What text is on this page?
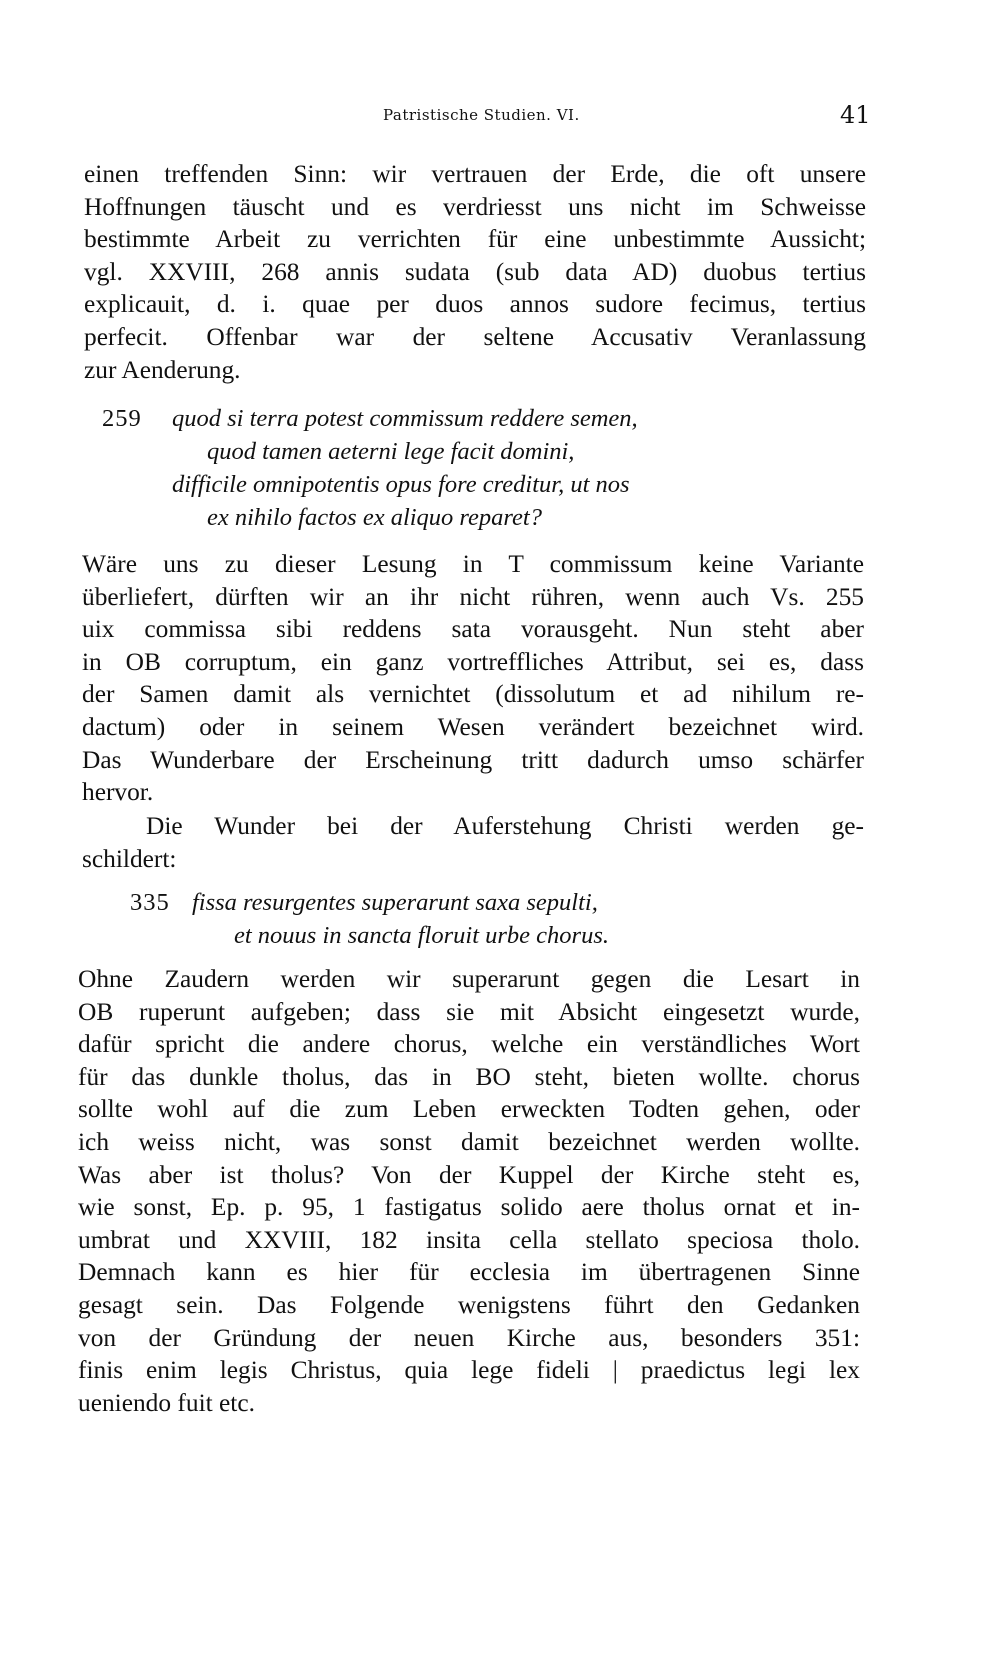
Patristische Studien. VI.	41
einen treffenden Sinn: wir vertrauen der Erde, die oft unsere
Hoffnungen täuscht und es verdriesst uns nicht im Schweisse
bestimmte Arbeit zu verrichten für eine unbestimmte Aussicht;
vgl. XXVIII, 268 annis sudata (sub data AD) duobus tertius
explicauit, d. i. quae per duos annos sudore fecimus, tertius
perfecit. Offenbar war der seltene Accusativ Veranlassung
zur Aenderung.
259 quod si terra potest commissum reddere semen,
quod tamen aeterni lege facit domini,
difficile omnipotentis opus fore creditur, ut nos
ex nihilo factos ex aliquo reparet?
Wäre uns zu dieser Lesung in T commissum keine Variante
überliefert, dürften wir an ihr nicht rühren, wenn auch Vs. 255
uix commissa sibi reddens sata vorausgeht. Nun steht aber
in OB corruptum, ein ganz vortreffliches Attribut, sei es, dass
der Samen damit als vernichtet (dissolutum et ad nihilum re-
dactum) oder in seinem Wesen verändert bezeichnet wird.
Das Wunderbare der Erscheinung tritt dadurch umso schärfer
hervor.
Die Wunder bei der Auferstehung Christi werden ge-
schildert:
335 fissa resurgentes superarunt saxa sepulti,
et nouus in sancta floruit urbe chorus.
Ohne Zaudern werden wir superarunt gegen die Lesart in
OB ruperunt aufgeben; dass sie mit Absicht eingesetzt wurde,
dafür spricht die andere chorus, welche ein verständliches Wort
für das dunkle tholus, das in BO steht, bieten wollte. chorus
sollte wohl auf die zum Leben erweckten Todten gehen, oder
ich weiss nicht, was sonst damit bezeichnet werden wollte.
Was aber ist tholus? Von der Kuppel der Kirche steht es,
wie sonst, Ep. p. 95, 1 fastigatus solido aere tholus ornat et in-
umbrat und XXVIII, 182 insita cella stellato speciosa tholo.
Demnach kann es hier für ecclesia im übertragenen Sinne
gesagt sein. Das Folgende wenigstens führt den Gedanken
von der Gründung der neuen Kirche aus, besonders 351:
finis enim legis Christus, quia lege fideli | praedictus legi lex
ueniendo fuit etc.
